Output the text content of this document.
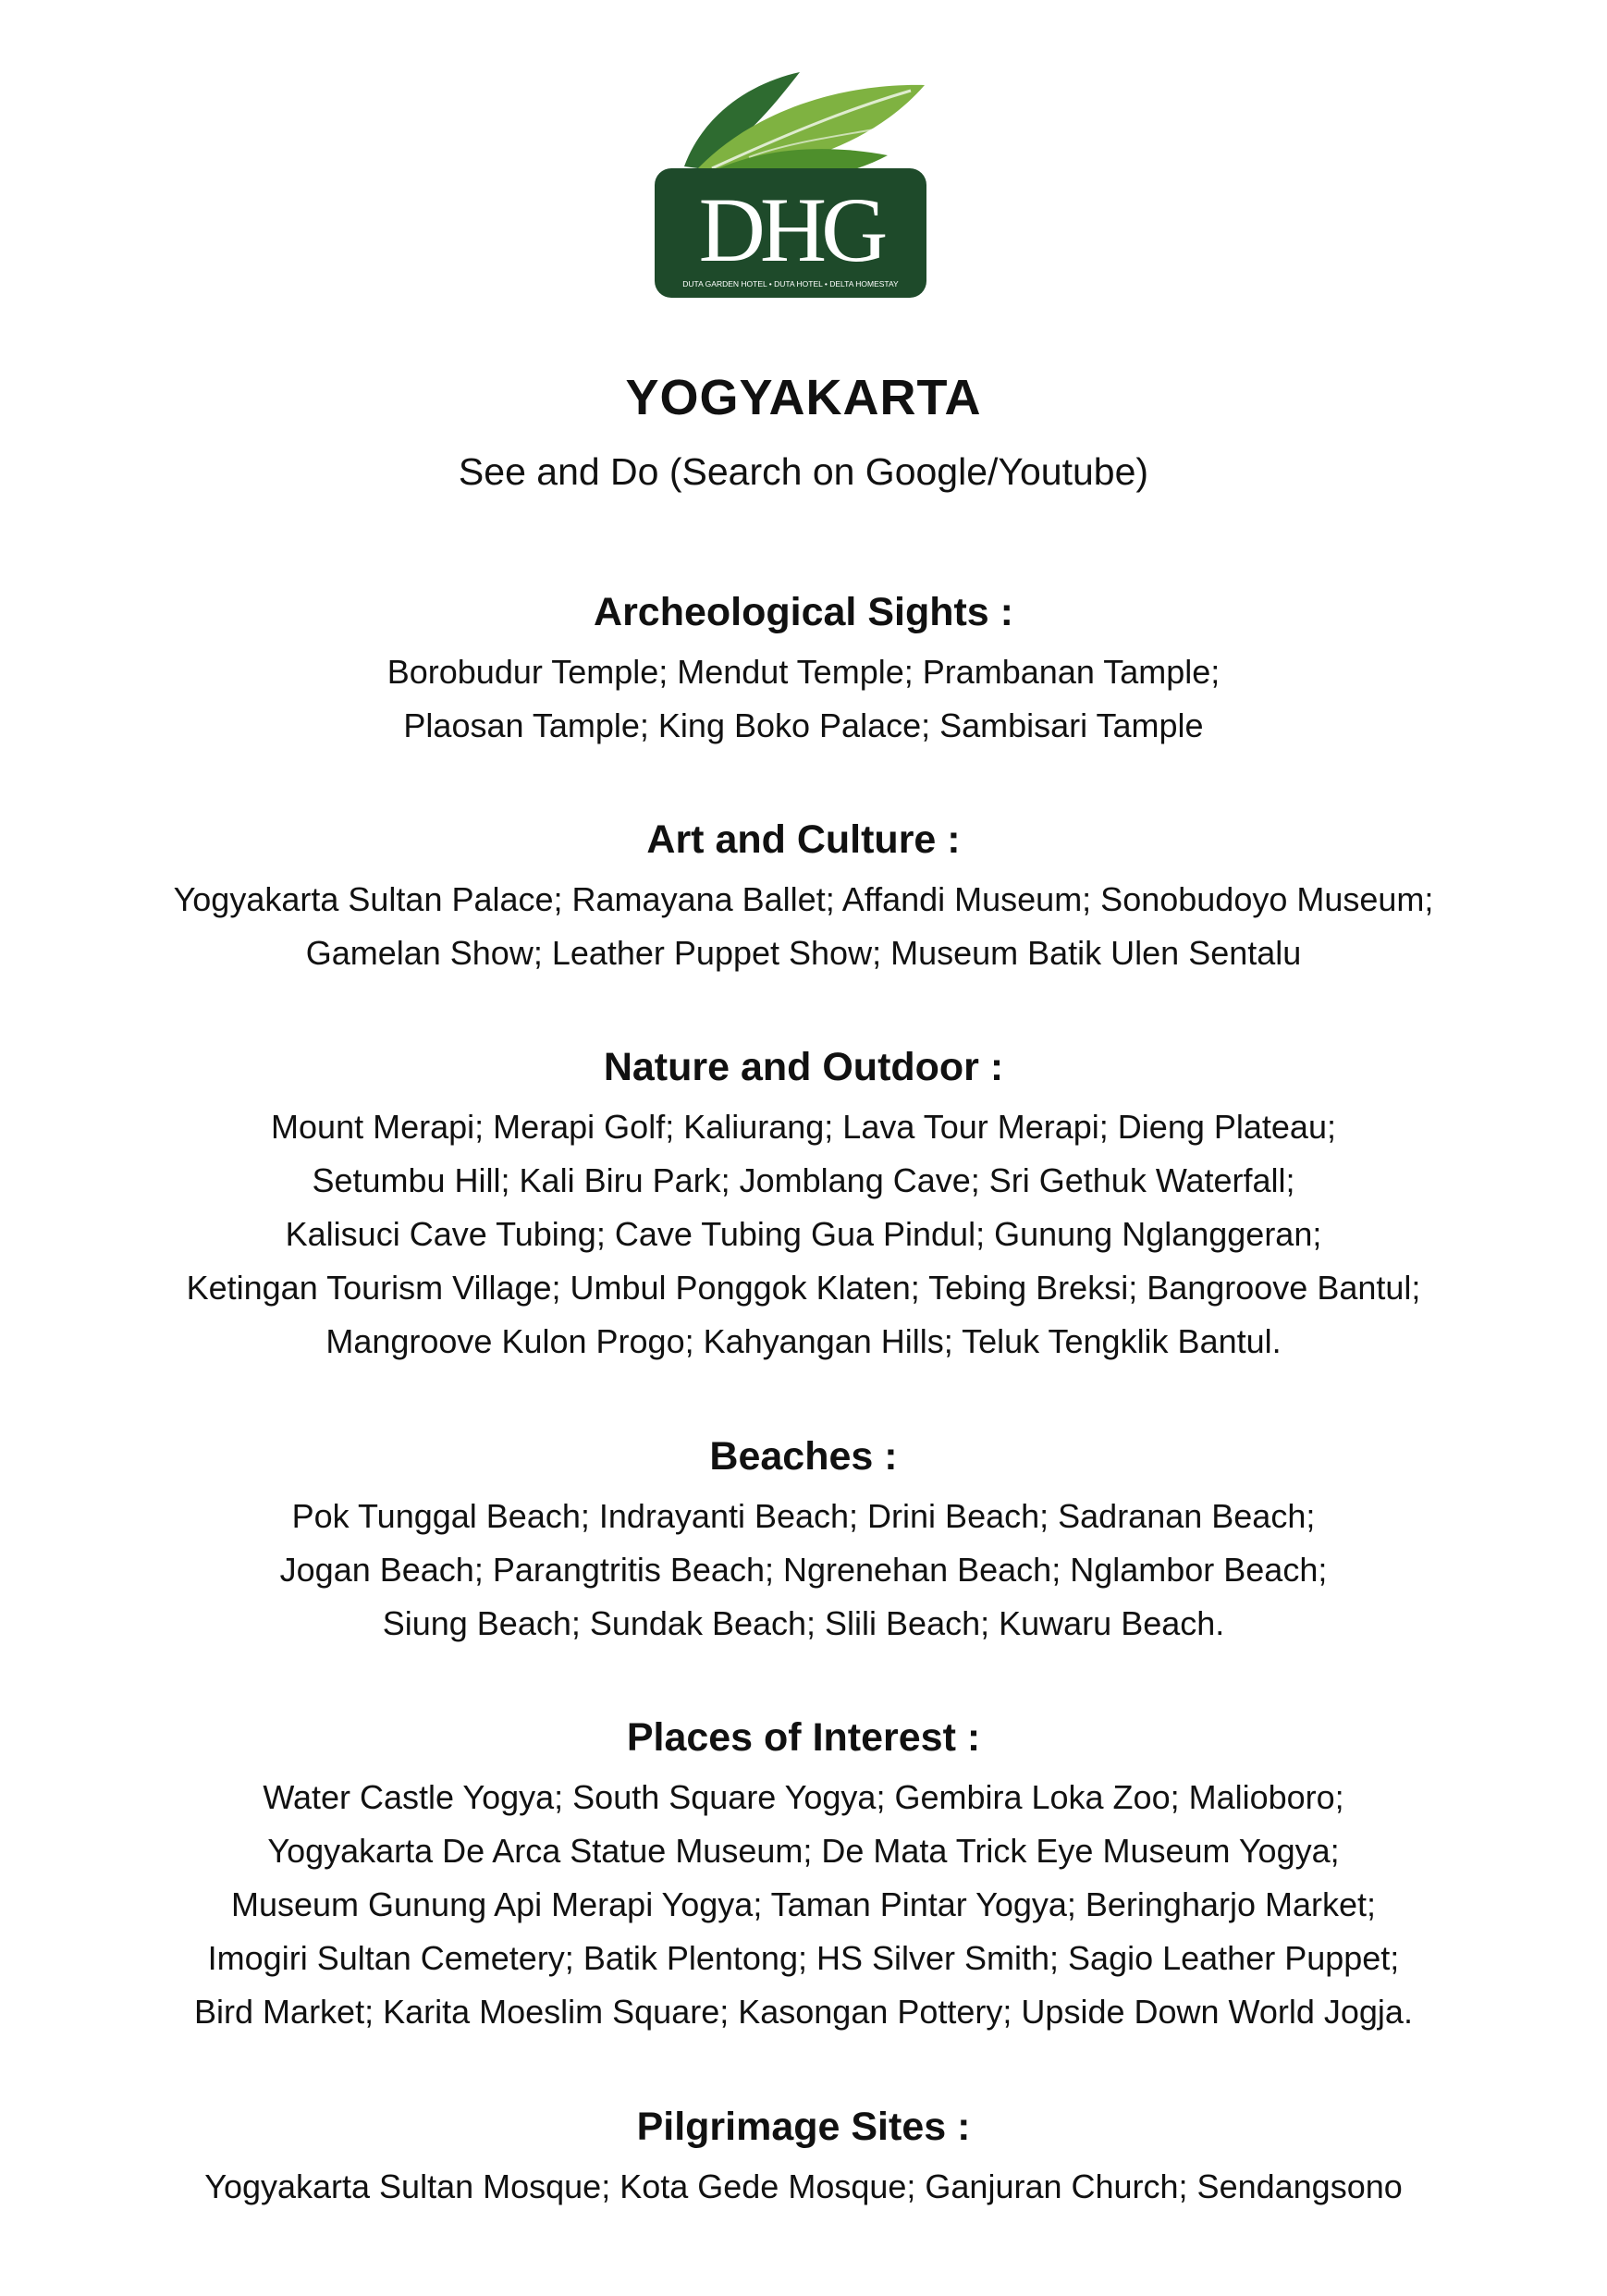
DHG
DUTA GARDEN HOTEL • DUTA HOTEL • DELTA HOMESTAY
YOGYAKARTA
See and Do (Search on Google/Youtube)
Archeological Sights :
Borobudur Temple; Mendut Temple; Prambanan Tample;
Plaosan Tample; King Boko Palace; Sambisari Tample
Art and Culture :
Yogyakarta Sultan Palace; Ramayana Ballet; Affandi Museum; Sonobudoyo Museum;
Gamelan Show; Leather Puppet Show; Museum Batik Ulen Sentalu
Nature and Outdoor :
Mount Merapi; Merapi Golf; Kaliurang; Lava Tour Merapi; Dieng Plateau;
Setumbu Hill; Kali Biru Park; Jomblang Cave; Sri Gethuk Waterfall;
Kalisuci Cave Tubing; Cave Tubing Gua Pindul; Gunung Nglanggeran;
Ketingan Tourism Village; Umbul Ponggok Klaten; Tebing Breksi; Bangroove Bantul;
Mangroove Kulon Progo; Kahyangan Hills; Teluk Tengklik Bantul.
Beaches :
Pok Tunggal Beach; Indrayanti Beach; Drini Beach; Sadranan Beach;
Jogan Beach; Parangtritis Beach; Ngrenehan Beach; Nglambor Beach;
Siung Beach; Sundak Beach; Slili Beach; Kuwaru Beach.
Places of Interest :
Water Castle Yogya; South Square Yogya; Gembira Loka Zoo; Malioboro;
Yogyakarta De Arca Statue Museum; De Mata Trick Eye Museum Yogya;
Museum Gunung Api Merapi Yogya; Taman Pintar Yogya; Beringharjo Market;
Imogiri Sultan Cemetery; Batik Plentong; HS Silver Smith; Sagio Leather Puppet;
Bird Market; Karita Moeslim Square; Kasongan Pottery; Upside Down World Jogja.
Pilgrimage Sites :
Yogyakarta Sultan Mosque; Kota Gede Mosque; Ganjuran Church; Sendangsono
